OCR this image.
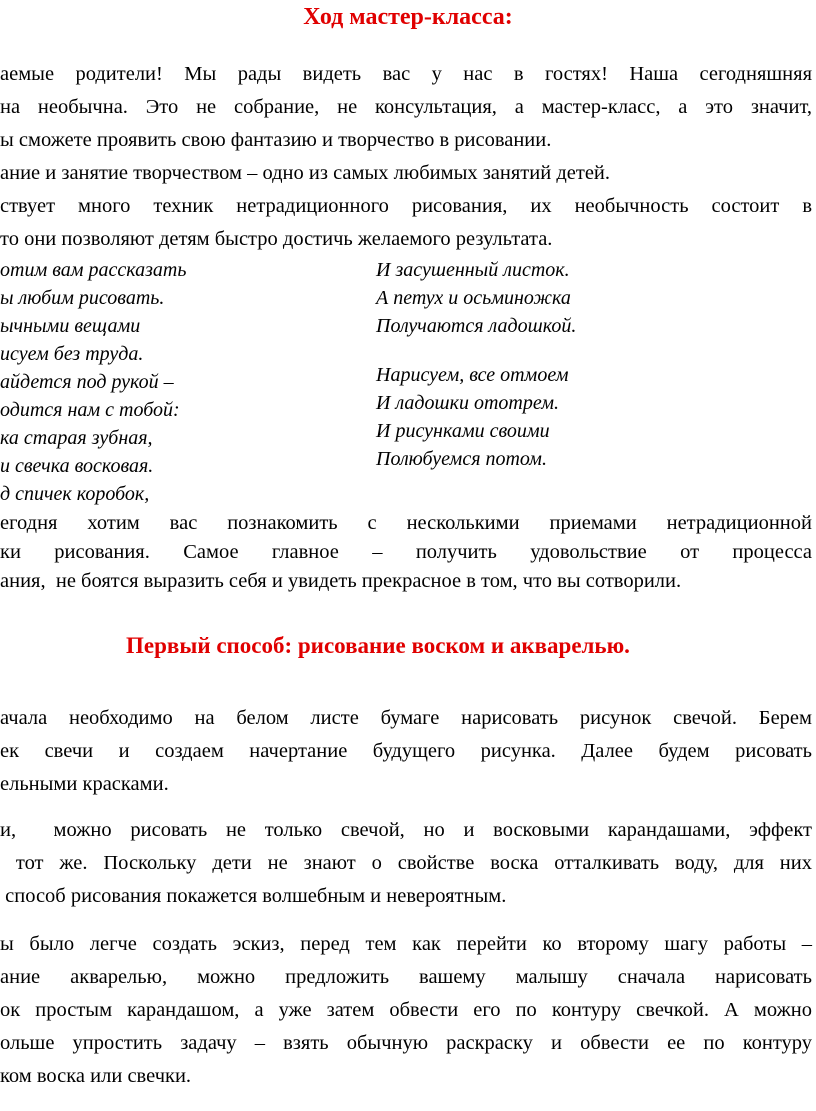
Ход мастер-класса:
аемые родители! Мы рады видеть вас у нас в гостях! Наша сегодняшняя
на необычна. Это не собрание, не консультация, а мастер-класс, а это значит,
ы сможете проявить свою фантазию и творчество в рисовании.
ание и занятие творчеством – одно из самых любимых занятий детей.
ствует много техник нетрадиционного рисования, их необычность состоит в
то они позволяют детям быстро достичь желаемого результата.
отим вам рассказать
ы любим рисовать.
ычными вещами
исуем без труда.
айдется под рукой –
одится нам с тобой:
ка старая зубная,
и свечка восковая.
д спичек коробок,
И засушенный листок.
А петух и осьминожка
Получаются ладошкой.
Нарисуем, все отмоем
И ладошки ототрем.
И рисунками своими
Полюбуемся потом.
егодня хотим вас познакомить с несколькими приемами нетрадиционной
ки рисования. Самое главное – получить удовольствие от процесса
ания,  не боятся выразить себя и увидеть прекрасное в том, что вы сотворили.
Первый способ: рисование воском и акварелью.
ачала необходимо на белом листе бумаге нарисовать рисунок свечой. Берем
ек свечи и создаем начертание будущего рисунка. Далее будем рисовать
ельными красками.
и,  можно рисовать не только свечой, но и восковыми карандашами, эффект
тот же. Поскольку дети не знают о свойстве воска отталкивать воду, для них
способ рисования покажется волшебным и невероятным.
ы было легче создать эскиз, перед тем как перейти ко второму шагу работы –
ание акварелью, можно предложить вашему малышу сначала нарисовать
ок простым карандашом, а уже затем обвести его по контуру свечкой. А можно
ольше упростить задачу – взять обычную раскраску и обвести ее по контуру
ком воска или свечки.
